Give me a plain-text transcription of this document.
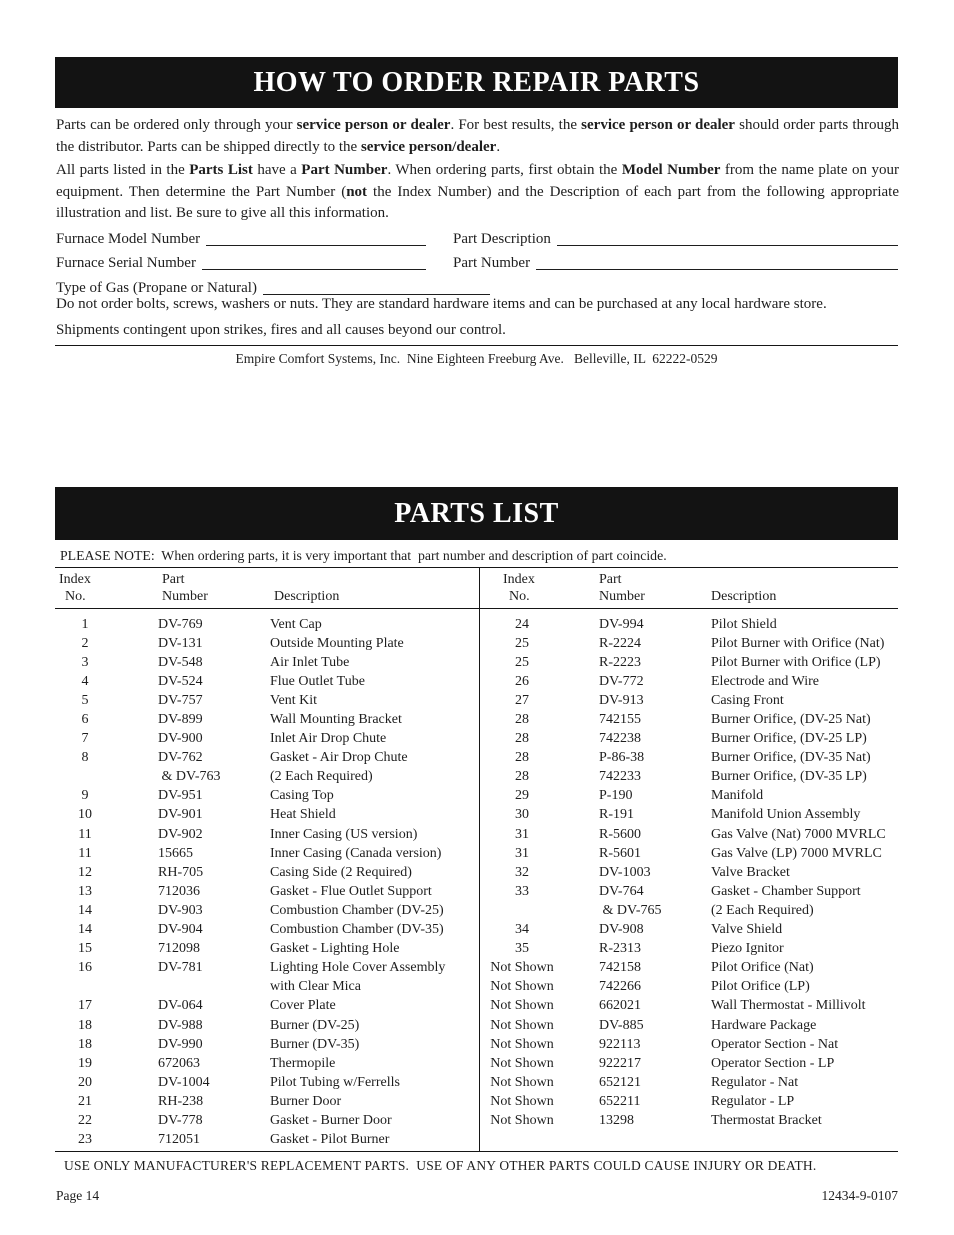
HOW TO ORDER REPAIR PARTS

Parts can be ordered only through your service person or dealer. For best results, the service person or dealer should order parts through the distributor. Parts can be shipped directly to the service person/dealer.

All parts listed in the Parts List have a Part Number. When ordering parts, first obtain the Model Number from the name plate on your equipment. Then determine the Part Number (not the Index Number) and the Description of each part from the following appropriate illustration and list. Be sure to give all this information.

Furnace Model Number	Part Description
Furnace Serial Number	Part Number
Type of Gas (Propane or Natural)
Do not order bolts, screws, washers or nuts. They are standard hardware items and can be purchased at any local hardware store.
Shipments contingent upon strikes, fires and all causes beyond our control.
Empire Comfort Systems, Inc.  Nine Eighteen Freeburg Ave.   Belleville, IL  62222-0529
PARTS LIST
PLEASE NOTE:  When ordering parts, it is very important that  part number and description of part coincide.
Index
No.
Part
Number	Description
1	DV-769	Vent Cap
2	DV-131	Outside Mounting Plate
3	DV-548	Air Inlet Tube
4	DV-524	Flue Outlet Tube
5	DV-757	Vent Kit
6	DV-899	Wall Mounting Bracket
7	DV-900	Inlet Air Drop Chute
8	DV-762	Gasket - Air Drop Chute
& DV-763	(2 Each Required)
9	DV-951	Casing Top
10	DV-901	Heat Shield
11	DV-902	Inner Casing (US version)
11	15665	Inner Casing (Canada version)
12	RH-705	Casing Side (2 Required)
13	712036	Gasket - Flue Outlet Support
14	DV-903	Combustion Chamber (DV-25)
14	DV-904	Combustion Chamber (DV-35)
15	712098	Gasket - Lighting Hole
16	DV-781	Lighting Hole Cover Assembly
with Clear Mica
17	DV-064	Cover Plate
18	DV-988	Burner (DV-25)
18	DV-990	Burner (DV-35)
19	672063	Thermopile
20	DV-1004	Pilot Tubing w/Ferrells
21	RH-238	Burner Door
22	DV-778	Gasket - Burner Door
23	712051	Gasket - Pilot Burner
Index
No.
Part
Number	Description
24	DV-994	Pilot Shield
25	R-2224	Pilot Burner with Orifice (Nat)
25	R-2223	Pilot Burner with Orifice (LP)
26	DV-772	Electrode and Wire
27	DV-913	Casing Front
28	742155	Burner Orifice, (DV-25 Nat)
28	742238	Burner Orifice, (DV-25 LP)
28	P-86-38	Burner Orifice, (DV-35 Nat)
28	742233	Burner Orifice, (DV-35 LP)
29	P-190	Manifold
30	R-191	Manifold Union Assembly
31	R-5600	Gas Valve (Nat) 7000 MVRLC
31	R-5601	Gas Valve (LP) 7000 MVRLC
32	DV-1003	Valve Bracket
33	DV-764	Gasket - Chamber Support
& DV-765	(2 Each Required)
34	DV-908	Valve Shield
35	R-2313	Piezo Ignitor
Not Shown	742158	Pilot Orifice (Nat)
Not Shown	742266	Pilot Orifice (LP)
Not Shown	662021	Wall Thermostat - Millivolt
Not Shown	DV-885	Hardware Package
Not Shown	922113	Operator Section - Nat
Not Shown	922217	Operator Section - LP
Not Shown	652121	Regulator - Nat
Not Shown	652211	Regulator - LP
Not Shown	13298	Thermostat Bracket
USE ONLY MANUFACTURER'S REPLACEMENT PARTS.  USE OF ANY OTHER PARTS COULD CAUSE INJURY OR DEATH.
Page 14	12434-9-0107
